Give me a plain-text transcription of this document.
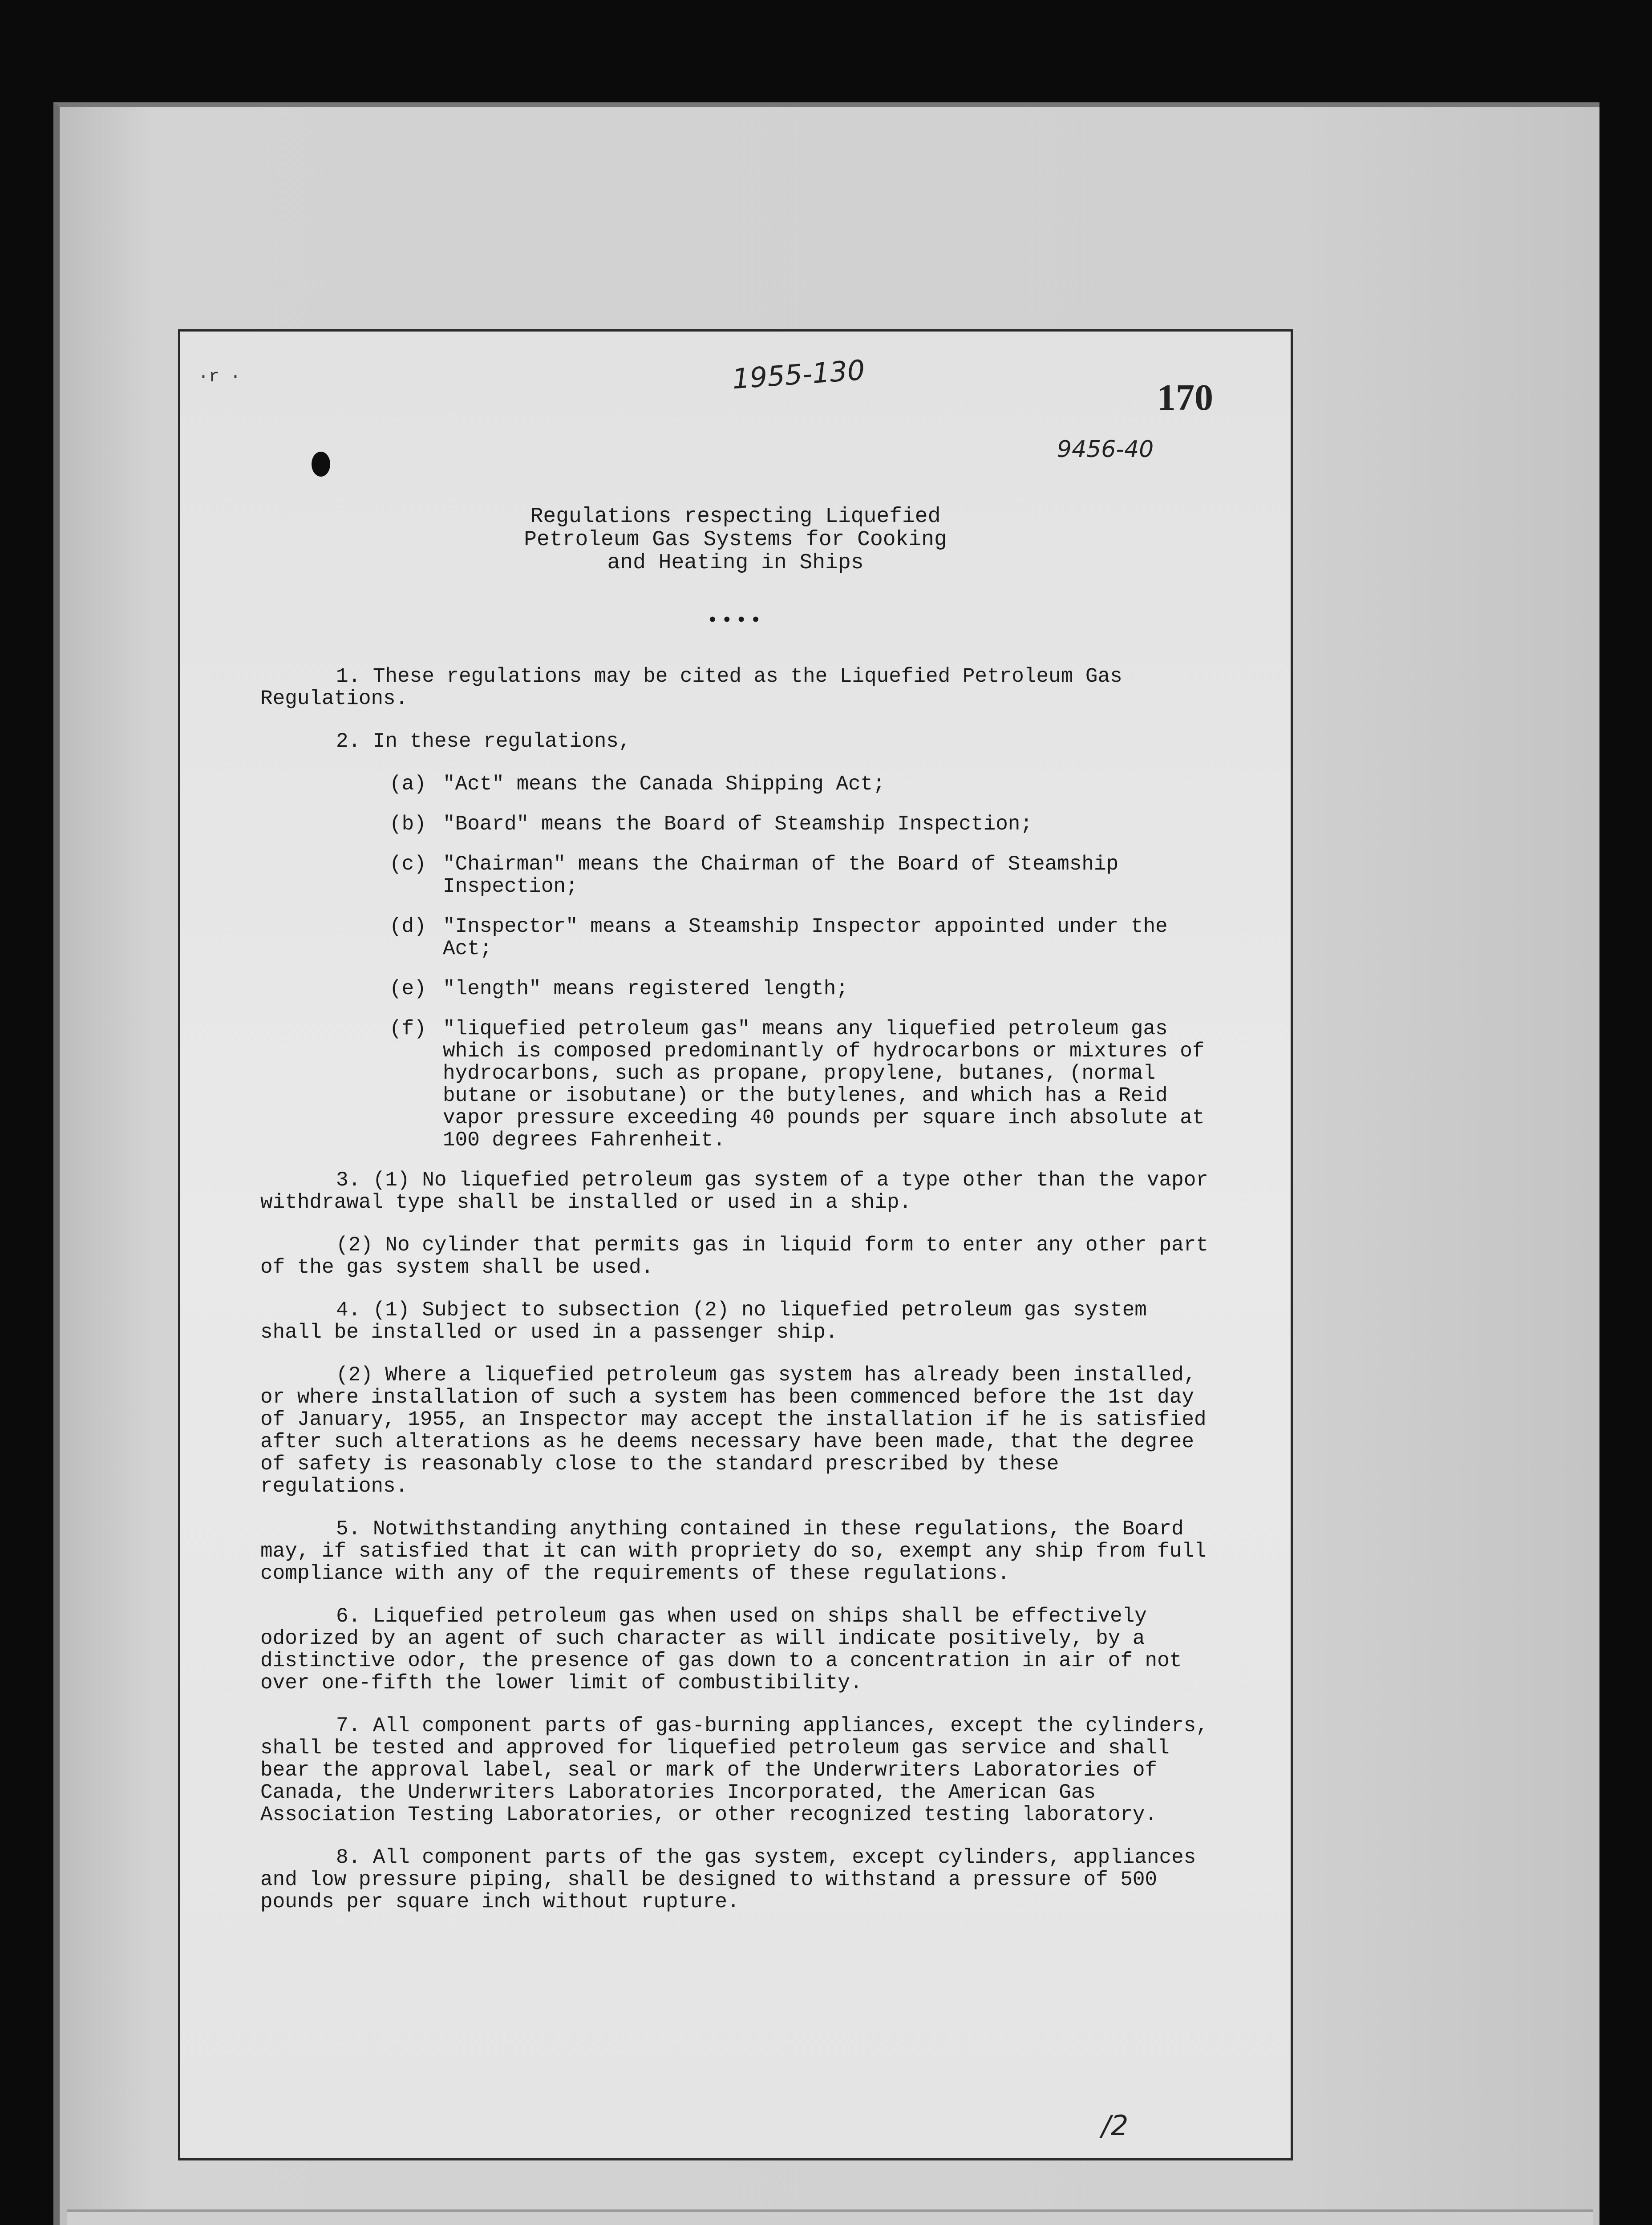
·r ·	1955-130
170
9456-40
Regulations respecting Liquefied
Petroleum Gas Systems for Cooking
and Heating in Ships
••••

1. These regulations may be cited as the Liquefied Petroleum Gas Regulations.

2. In these regulations,

(a) "Act" means the Canada Shipping Act;
(b) "Board" means the Board of Steamship Inspection;
(c) "Chairman" means the Chairman of the Board of Steamship Inspection;
(d) "Inspector" means a Steamship Inspector appointed under the Act;
(e) "length" means registered length;
(f) "liquefied petroleum gas" means any liquefied petroleum gas which is composed predominantly of hydrocarbons or mixtures of hydrocarbons, such as propane, propylene, butanes, (normal butane or isobutane) or the butylenes, and which has a Reid vapor pressure exceeding 40 pounds per square inch absolute at 100 degrees Fahrenheit.

3. (1) No liquefied petroleum gas system of a type other than the vapor withdrawal type shall be installed or used in a ship.

(2) No cylinder that permits gas in liquid form to enter any other part of the gas system shall be used.

4. (1) Subject to subsection (2) no liquefied petroleum gas system shall be installed or used in a passenger ship.

(2) Where a liquefied petroleum gas system has already been installed, or where installation of such a system has been commenced before the 1st day of January, 1955, an Inspector may accept the installation if he is satisfied after such alterations as he deems necessary have been made, that the degree of safety is reasonably close to the standard prescribed by these regulations.

5. Notwithstanding anything contained in these regulations, the Board may, if satisfied that it can with propriety do so, exempt any ship from full compliance with any of the requirements of these regulations.

6. Liquefied petroleum gas when used on ships shall be effectively odorized by an agent of such character as will indicate positively, by a distinctive odor, the presence of gas down to a concentration in air of not over one-fifth the lower limit of combustibility.

7. All component parts of gas-burning appliances, except the cylinders, shall be tested and approved for liquefied petroleum gas service and shall bear the approval label, seal or mark of the Underwriters Laboratories of Canada, the Underwriters Laboratories Incorporated, the American Gas Association Testing Laboratories, or other recognized testing laboratory.

8. All component parts of the gas system, except cylinders, appliances and low pressure piping, shall be designed to withstand a pressure of 500 pounds per square inch without rupture.

/2
